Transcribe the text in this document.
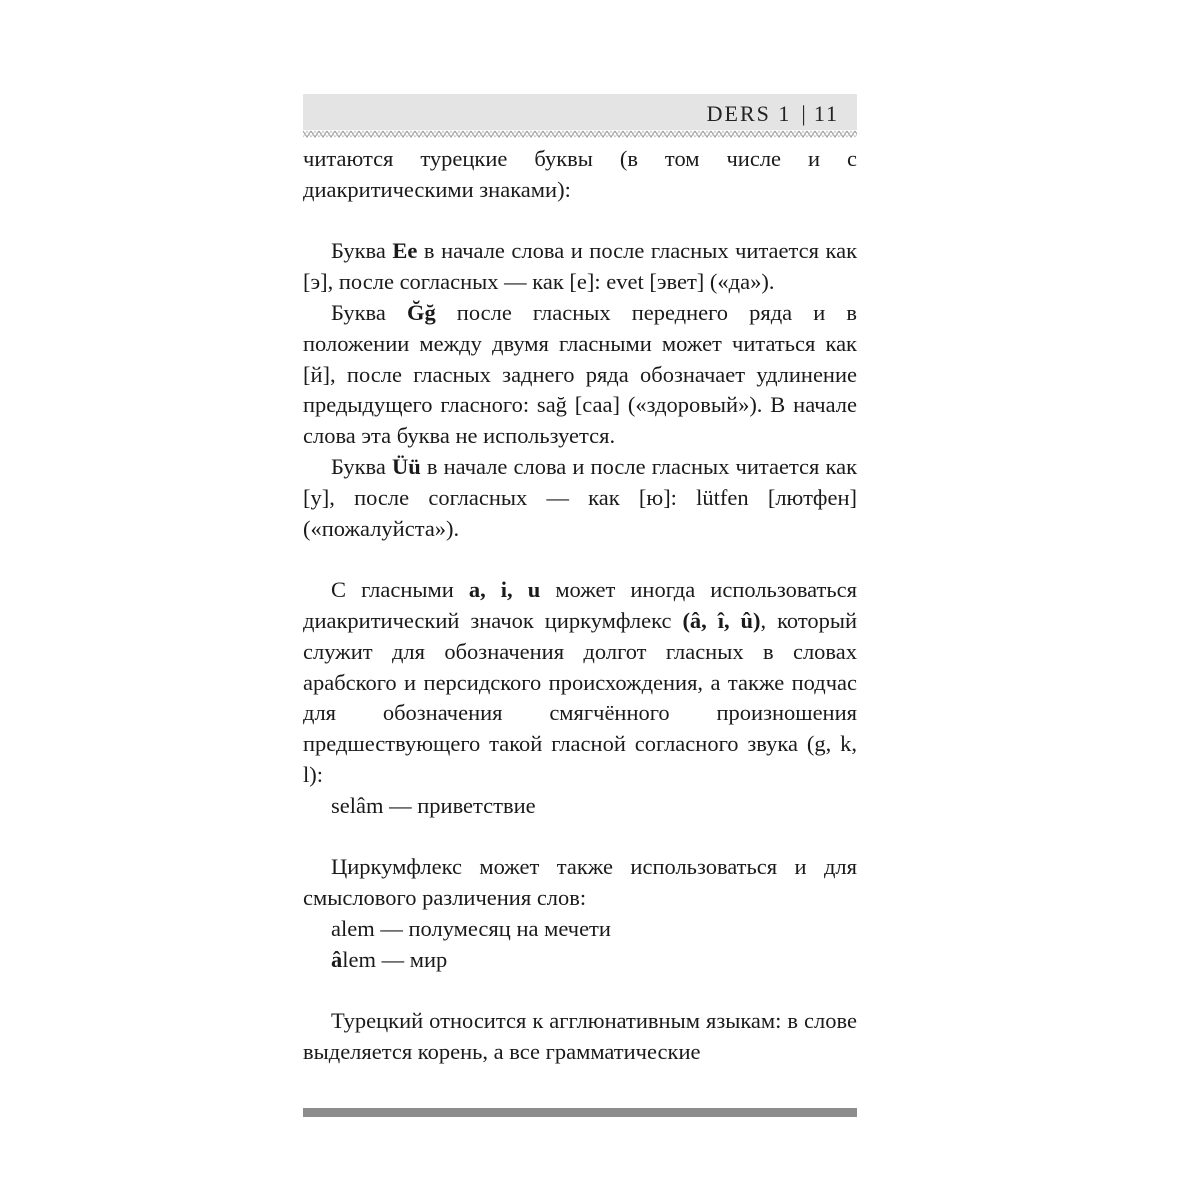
DERS 1 | 11

читаются турецкие буквы (в том числе и с диакритическими знаками):

Буква Ee в начале слова и после гласных читается как [э], после согласных — как [е]: evet [эвет] («да»).

Буква Ğğ после гласных переднего ряда и в положении между двумя гласными может читаться как [й], после гласных заднего ряда обозначает удлинение предыдущего гласного: sağ [саа] («здоровый»). В начале слова эта буква не используется.

Буква Üü в начале слова и после гласных читается как [у], после согласных — как [ю]: lütfen [лютфен] («пожалуйста»).

С гласными a, i, u может иногда использоваться диакритический значок циркумфлекс (â, î, û), который служит для обозначения долгот гласных в словах арабского и персидского происхождения, а также подчас для обозначения смягчённого произношения предшествующего такой гласной согласного звука (g, k, l):

selâm — приветствие

Циркумфлекс может также использоваться и для смыслового различения слов:

alem — полумесяц на мечети

âlem — мир

Турецкий относится к агглюнативным языкам: в слове выделяется корень, а все грамматические
